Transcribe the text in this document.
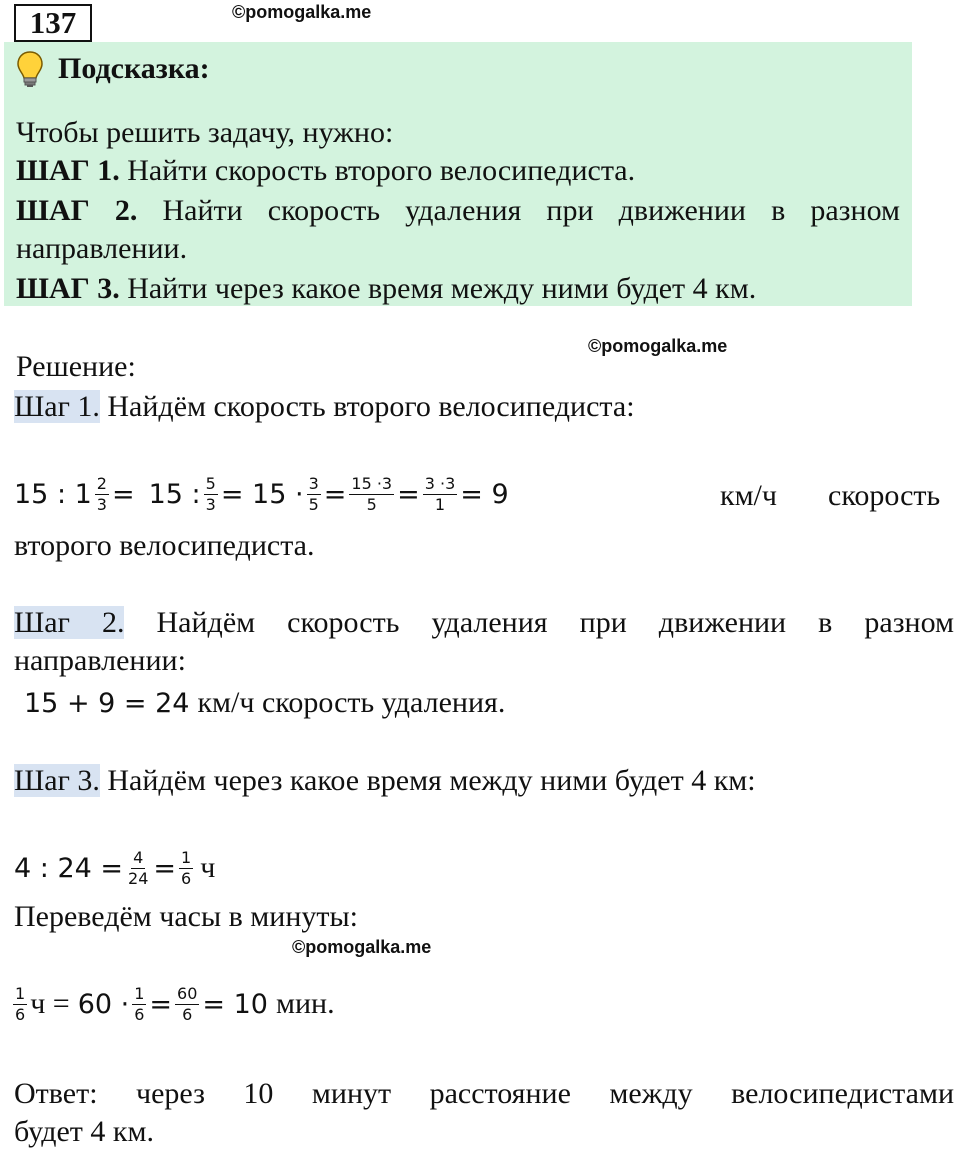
137	©pomogalka.me
Подсказка:
Чтобы решить задачу, нужно:
ШАГ 1. Найти скорость второго велосипедиста.
ШАГ 2. Найти скорость удаления при движении в разном
направлении.
ШАГ 3. Найти через какое время между ними будет 4 км.
Решение:
©pomogalka.me
Шаг 1. Найдём скорость второго велосипедиста:
15 : $1 \frac{2}{3} = 15$ : $\frac{5}{3} = 15 \cdot \frac{3}{5} = \frac{15 \cdot 3}{5} = \frac{3 \cdot 3}{1} = 9$	км/ч скорость
второго велосипедиста.
Шаг 2. Найдём скорость удаления при движении в разном
направлении:
15 + 9 = 24 км/ч скорость удаления.
Шаг 3. Найдём через какое время между ними будет 4 км:
4 : $24 = \frac{4}{24} = \frac{1}{6}$ ч
Переведём часы в минуты:
©pomogalka.me
$\frac{1}{6}$ $ч = 60 \cdot \frac{1}{6} = \frac{60}{6} = 10$ мин.
Ответ: через 10 минут расстояние между велосипедистами
будет 4 км.
